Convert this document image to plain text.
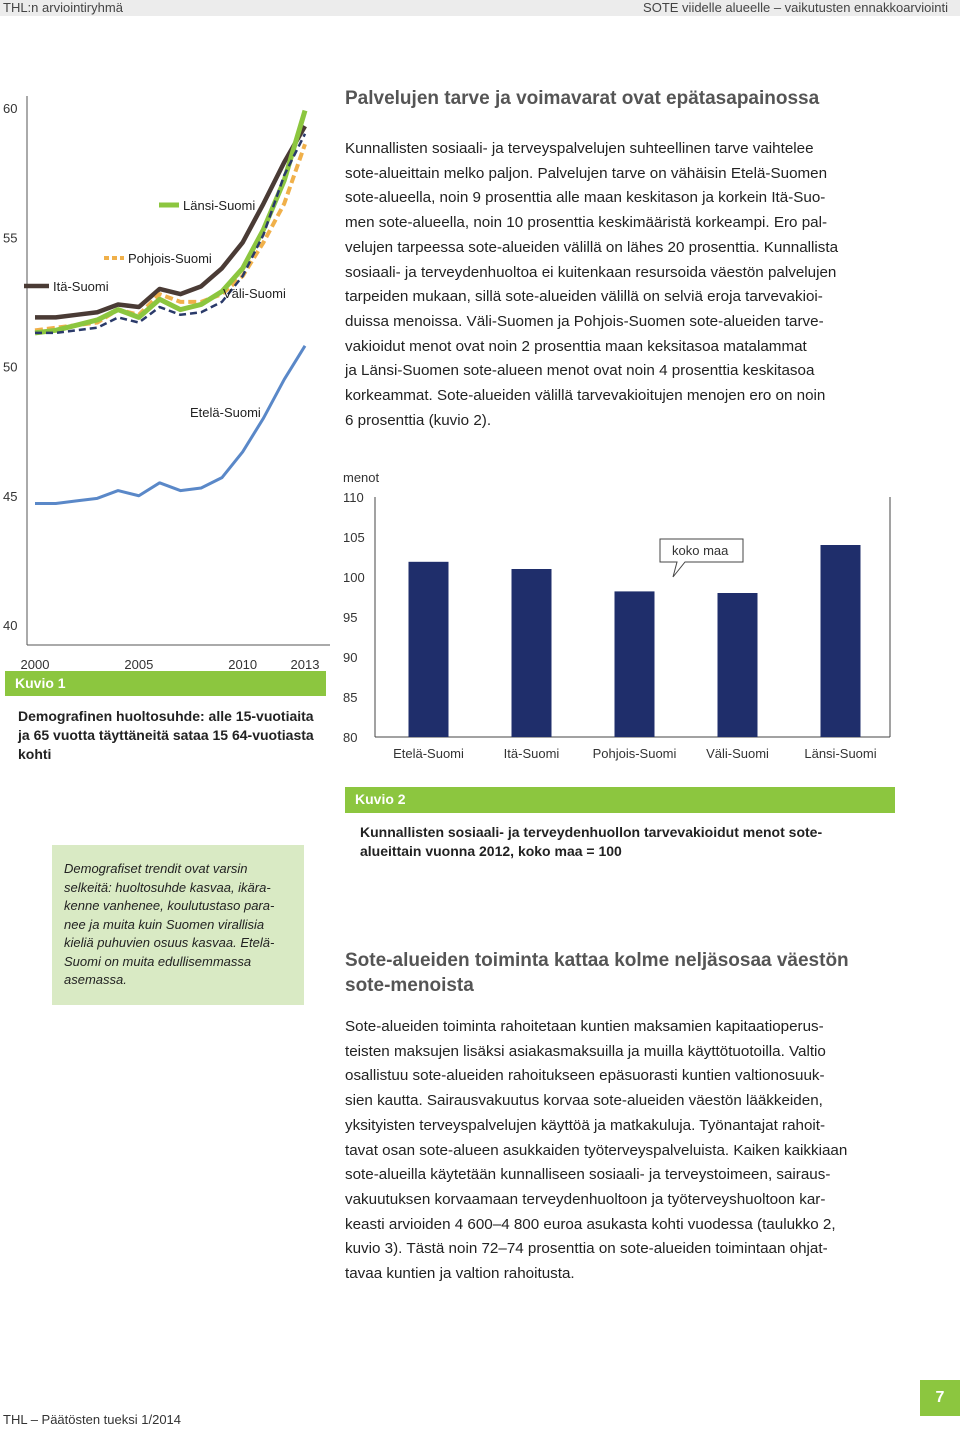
THL:n arviointiryhmä	SOTE viidelle alueelle – vaikutusten ennakkoarviointi
40
45
50
55
60
2000	2005	2010	2013
Itä-Suomi
Pohjois-Suomi
Länsi-Suomi
Väli-Suomi
Etelä-Suomi
Kuvio 1
Demografinen huoltosuhde: alle 15-vuotiaita ja 65 vuotta täyttäneitä sataa 15 64-vuotiasta kohti
Palvelujen tarve ja voimavarat ovat epätasapainossa
Kunnallisten sosiaali- ja terveyspalvelujen suhteellinen tarve vaihtelee
sote-alueittain melko paljon. Palvelujen tarve on vähäisin Etelä-Suomen
sote-alueella, noin 9 prosenttia alle maan keskitason ja korkein Itä-Suo-
men sote-alueella, noin 10 prosenttia keskimääristä korkeampi. Ero pal-
velujen tarpeessa sote-alueiden välillä on lähes 20 prosenttia. Kunnallista
sosiaali- ja terveydenhuoltoa ei kuitenkaan resursoida väestön palvelujen
tarpeiden mukaan, sillä sote-alueiden välillä on selviä eroja tarvevakioi-
duissa menoissa. Väli-Suomen ja Pohjois-Suomen sote-alueiden tarve-
vakioidut menot ovat noin 2 prosenttia maan keksitasoa matalammat
ja Länsi-Suomen sote-alueen menot ovat noin 4 prosenttia keskitasoa
korkeammat. Sote-alueiden välillä tarvevakioitujen menojen ero on noin
6 prosenttia (kuvio 2).
menot
80
85
90
95
100
105
110
Etelä-Suomi	Itä-Suomi	Pohjois-Suomi Väli-Suomi	Länsi-Suomi
koko maa
Kuvio 2
Kunnallisten sosiaali- ja terveydenhuollon tarvevakioidut menot sote-alueittain vuonna 2012, koko maa = 100
Demografiset trendit ovat varsin
selkeitä: huoltosuhde kasvaa, ikära-
kenne vanhenee, koulutustaso para-
nee ja muita kuin Suomen virallisia
kieliä puhuvien osuus kasvaa. Etelä-
Suomi on muita edullisemmassa
asemassa.
Sote-alueiden toiminta kattaa kolme neljäsosaa väestön
sote-menoista
Sote-alueiden toiminta rahoitetaan kuntien maksamien kapitaatioperus-
teisten maksujen lisäksi asiakasmaksuilla ja muilla käyttötuotoilla. Valtio
osallistuu sote-alueiden rahoitukseen epäsuorasti kuntien valtionosuuk-
sien kautta. Sairausvakuutus korvaa sote-alueiden väestön lääkkeiden,
yksityisten terveyspalvelujen käyttöä ja matkakuluja. Työnantajat rahoit-
tavat osan sote-alueen asukkaiden työterveyspalveluista. Kaiken kaikkiaan
sote-alueilla käytetään kunnalliseen sosiaali- ja terveystoimeen, sairaus-
vakuutuksen korvaamaan terveydenhuoltoon ja työterveyshuoltoon kar-
keasti arvioiden 4 600–4 800 euroa asukasta kohti vuodessa (taulukko 2,
kuvio 3). Tästä noin 72–74 prosenttia on sote-alueiden toimintaan ohjat-
tavaa kuntien ja valtion rahoitusta.
THL – Päätösten tueksi 1/2014
7
